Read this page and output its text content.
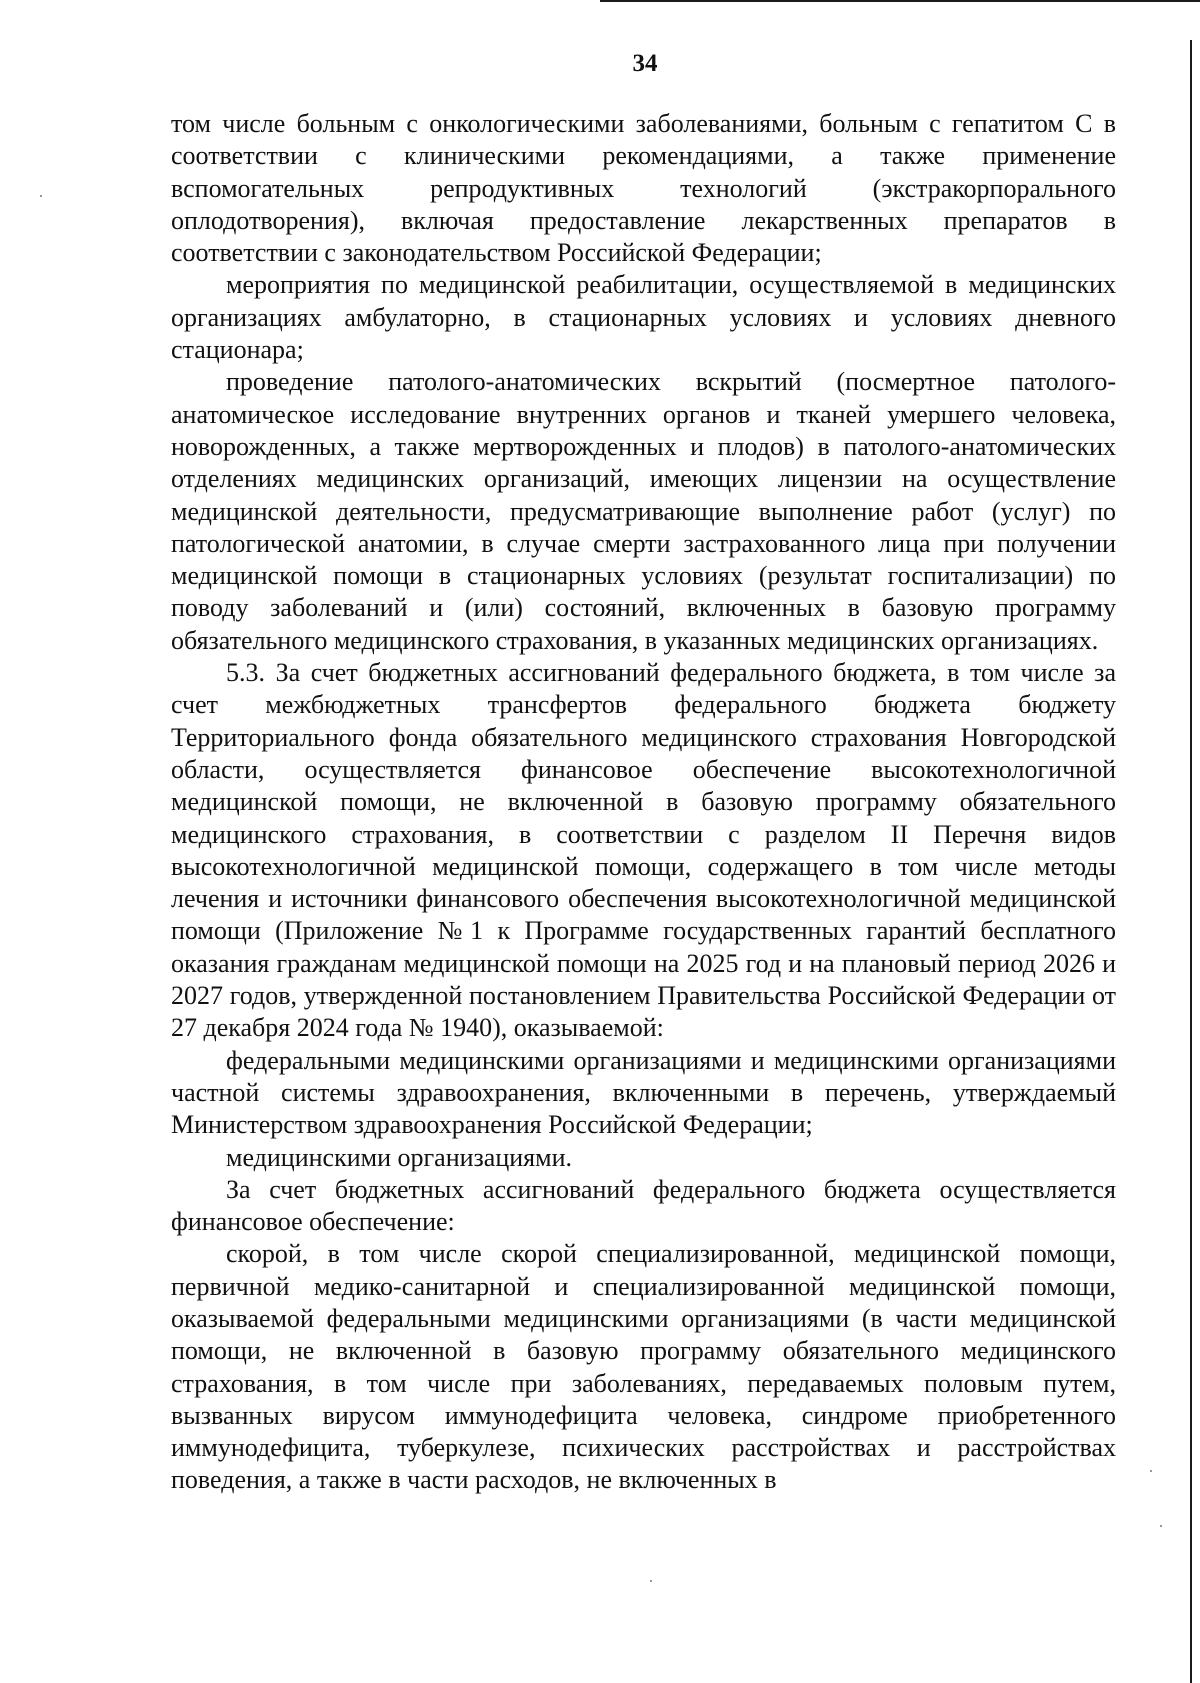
34

том числе больным с онкологическими заболеваниями, больным с гепатитом С в соответствии с клиническими рекомендациями, а также применение вспомогательных репродуктивных технологий (экстракорпорального оплодотворения), включая предоставление лекарственных препаратов в соответствии с законодательством Российской Федерации;

мероприятия по медицинской реабилитации, осуществляемой в медицинских организациях амбулаторно, в стационарных условиях и условиях дневного стационара;

проведение патолого-анатомических вскрытий (посмертное патолого-анатомическое исследование внутренних органов и тканей умершего человека, новорожденных, а также мертворожденных и плодов) в патолого-анатомических отделениях медицинских организаций, имеющих лицензии на осуществление медицинской деятельности, предусматривающие выполнение работ (услуг) по патологической анатомии, в случае смерти застрахованного лица при получении медицинской помощи в стационарных условиях (результат госпитализации) по поводу заболеваний и (или) состояний, включенных в базовую программу обязательного медицинского страхования, в указанных медицинских организациях.

5.3. За счет бюджетных ассигнований федерального бюджета, в том числе за счет межбюджетных трансфертов федерального бюджета бюджету Территориального фонда обязательного медицинского страхования Новгородской области, осуществляется финансовое обеспечение высокотехнологичной медицинской помощи, не включенной в базовую программу обязательного медицинского страхования, в соответствии с разделом II Перечня видов высокотехнологичной медицинской помощи, содержащего в том числе методы лечения и источники финансового обеспечения высокотехнологичной медицинской помощи (Приложение №1 к Программе государственных гарантий бесплатного оказания гражданам медицинской помощи на 2025 год и на плановый период 2026 и 2027 годов, утвержденной постановлением Правительства Российской Федерации от 27 декабря 2024 года № 1940), оказываемой:

федеральными медицинскими организациями и медицинскими организациями частной системы здравоохранения, включенными в перечень, утверждаемый Министерством здравоохранения Российской Федерации;

медицинскими организациями.

За счет бюджетных ассигнований федерального бюджета осуществляется финансовое обеспечение:

скорой, в том числе скорой специализированной, медицинской помощи, первичной медико-санитарной и специализированной медицинской помощи, оказываемой федеральными медицинскими организациями (в части медицинской помощи, не включенной в базовую программу обязательного медицинского страхования, в том числе при заболеваниях, передаваемых половым путем, вызванных вирусом иммунодефицита человека, синдроме приобретенного иммунодефицита, туберкулезе, психических расстройствах и расстройствах поведения, а также в части расходов, не включенных в
